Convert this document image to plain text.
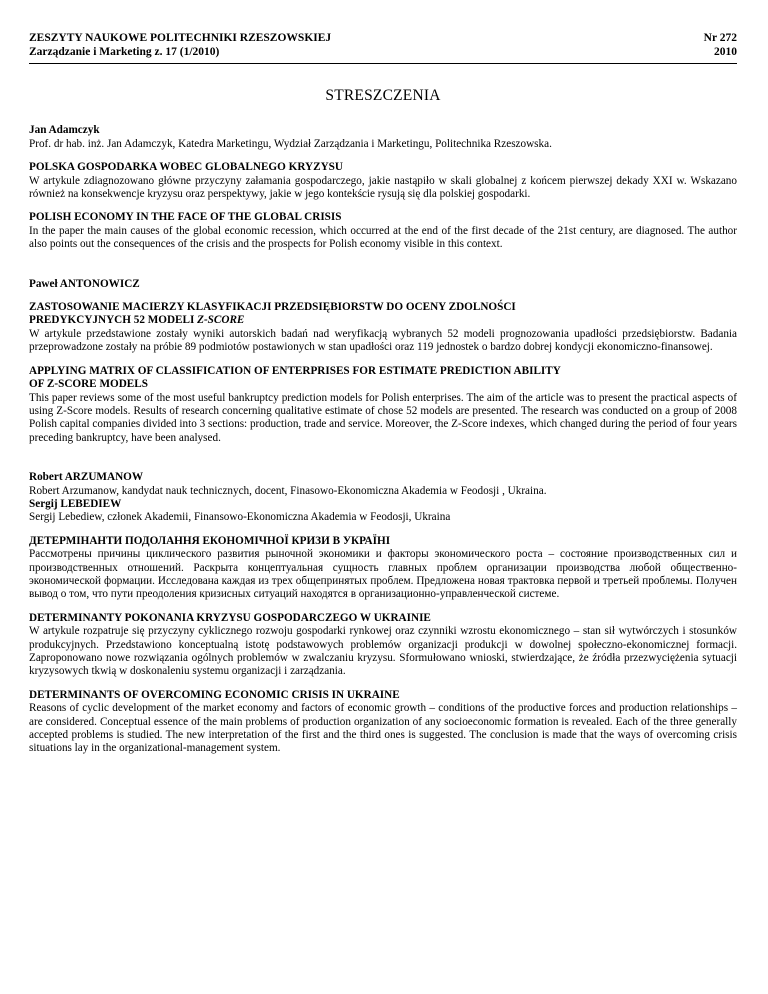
ZESZYTY NAUKOWE POLITECHNIKI RZESZOWSKIEJ
Zarządzanie i Marketing z. 17 (1/2010)
Nr 272
2010
STRESZCZENIA
Jan Adamczyk
Prof. dr hab. inż. Jan Adamczyk, Katedra Marketingu, Wydział Zarządzania i Marketingu, Politechnika Rzeszowska.
POLSKA GOSPODARKA WOBEC GLOBALNEGO KRYZYSU
W artykule zdiagnozowano główne przyczyny załamania gospodarczego, jakie nastąpiło w skali globalnej z końcem pierwszej dekady XXI w. Wskazano również na konsekwencje kryzysu oraz perspektywy, jakie w jego kontekście rysują się dla polskiej gospodarki.
POLISH ECONOMY IN THE FACE OF THE GLOBAL CRISIS
In the paper the main causes of the global economic recession, which occurred at the end of the first decade of the 21st century, are diagnosed. The author also points out the consequences of the crisis and the prospects for Polish economy visible in this context.
Paweł ANTONOWICZ
ZASTOSOWANIE MACIERZY KLASYFIKACJI PRZEDSIĘBIORSTW DO OCENY ZDOLNOŚCI
PREDYKCYJNYCH 52 MODELI Z-SCORE
W artykule przedstawione zostały wyniki autorskich badań nad weryfikacją wybranych 52 modeli prognozowania upadłości przedsiębiorstw. Badania przeprowadzone zostały na próbie 89 podmiotów postawionych w stan upadłości oraz 119 jednostek o bardzo dobrej kondycji ekonomiczno-finansowej.
APPLYING MATRIX OF CLASSIFICATION OF ENTERPRISES FOR ESTIMATE PREDICTION ABILITY
OF Z-SCORE MODELS
This paper reviews some of the most useful bankruptcy prediction models for Polish enterprises. The aim of the article was to present the practical aspects of using Z-Score models. Results of research concerning qualitative estimate of chose 52 models are presented. The research was conducted on a group of 2008 Polish capital companies divided into 3 sections: production, trade and service. Moreover, the Z-Score indexes, which changed during the period of four years preceding bankruptcy, have been analysed.
Robert ARZUMANOW
Robert Arzumanow, kandydat nauk technicznych, docent, Finasowo-Ekonomiczna Akademia w Feodosji , Ukraina.
Sergij LEBEDIEW
Sergij Lebediew, członek Akademii, Finansowo-Ekonomiczna Akademia w Feodosji, Ukraina
ДЕТЕРМІНАНТИ ПОДОЛАННЯ ЕКОНОМІЧНОЇ КРИЗИ В УКРАЇНІ
Рассмотрены причины циклического развития рыночной экономики и факторы экономического роста – состояние производственных сил и производственных отношений. Раскрыта концептуальная сущность главных проблем организации производства любой общественно-экономической формации. Исследована каждая из трех общепринятых проблем. Предложена новая трактовка первой и третьей проблемы. Получен вывод о том, что пути преодоления кризисных ситуаций находятся в организационно-управленческой системе.
DETERMINANTY POKONANIA KRYZYSU GOSPODARCZEGO W UKRAINIE
W artykule rozpatruje się przyczyny cyklicznego rozwoju gospodarki rynkowej oraz czynniki wzrostu ekonomicznego – stan sił wytwórczych i stosunków produkcyjnych. Przedstawiono konceptualną istotę podstawowych problemów organizacji produkcji w dowolnej społeczno-ekonomicznej formacji. Zaproponowano nowe rozwiązania ogólnych problemów w zwalczaniu kryzysu. Sformułowano wnioski, stwierdzające, że źródła przezwyciężenia sytuacji kryzysowych tkwią w doskonaleniu systemu organizacji i zarządzania.
DETERMINANTS OF OVERCOMING ECONOMIC CRISIS IN UKRAINE
Reasons of cyclic development of the market economy and factors of economic growth – conditions of the productive forces and production relationships – are considered. Conceptual essence of the main problems of production organization of any socioeconomic formation is revealed. Each of the three generally accepted problems is studied. The new interpretation of the first and the third ones is suggested. The conclusion is made that the ways of overcoming crisis situations lay in the organizational-management system.
